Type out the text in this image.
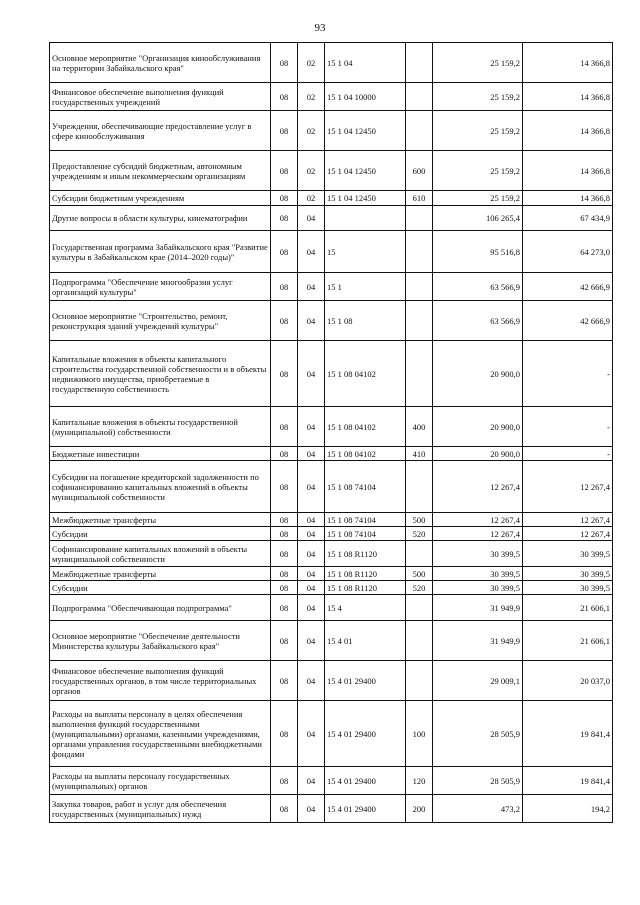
93
Основное мероприятие "Организация кинообслуживания на территории Забайкальского края"	08	02	15 1 04		25 159,2	14 366,8
Финансовое обеспечение выполнения функций государственных учреждений	08	02	15 1 04 10000		25 159,2	14 366,8
Учреждения, обеспечивающие предоставление услуг в сфере кинообслуживания	08	02	15 1 04 12450		25 159,2	14 366,8
Предоставление субсидий бюджетным, автономным учреждениям и иным некоммерческим организациям	08	02	15 1 04 12450	600	25 159,2	14 366,8
Субсидии бюджетным учреждениям	08	02	15 1 04 12450	610	25 159,2	14 366,8
Другие вопросы в области культуры, кинематографии	08	04			106 265,4	67 434,9
Государственная программа Забайкальского края "Развитие культуры в Забайкальском крае (2014–2020 годы)"	08	04	15		95 516,8	64 273,0
Подпрограмма "Обеспечение многообразия услуг организаций культуры"	08	04	15 1		63 566,9	42 666,9
Основное мероприятие "Строительство, ремонт, реконструкция зданий учреждений культуры"	08	04	15 1 08		63 566,9	42 666,9
Капитальные вложения в объекты капитального строительства государственной собственности и в объекты недвижимого имущества, приобретаемые в государственную собственность	08	04	15 1 08 04102		20 900,0	-
Капитальные вложения в объекты государственной (муниципальной) собственности	08	04	15 1 08 04102	400	20 900,0	-
Бюджетные инвестиции	08	04	15 1 08 04102	410	20 900,0	-
Субсидии на погашение кредиторской задолженности по софинансированию капитальных вложений в объекты муниципальной собственности	08	04	15 1 08 74104		12 267,4	12 267,4
Межбюджетные трансферты	08	04	15 1 08 74104	500	12 267,4	12 267,4
Субсидии	08	04	15 1 08 74104	520	12 267,4	12 267,4
Софинансирование капитальных вложений в объекты муниципальной собственности	08	04	15 1 08 R1120		30 399,5	30 399,5
Межбюджетные трансферты	08	04	15 1 08 R1120	500	30 399,5	30 399,5
Субсидии	08	04	15 1 08 R1120	520	30 399,5	30 399,5
Подпрограмма "Обеспечивающая подпрограмма"	08	04	15 4		31 949,9	21 606,1
Основное мероприятие "Обеспечение деятельности Министерства культуры Забайкальского края"	08	04	15 4 01		31 949,9	21 606,1
Финансовое обеспечение выполнения функций государственных органов, в том числе территориальных органов	08	04	15 4 01 29400		29 009,1	20 037,0
Расходы на выплаты персоналу в целях обеспечения выполнения функций государственными (муниципальными) органами, казенными учреждениями, органами управления государственными внебюджетными фондами	08	04	15 4 01 29400	100	28 505,9	19 841,4
Расходы на выплаты персоналу государственных (муниципальных) органов	08	04	15 4 01 29400	120	28 505,9	19 841,4
Закупка товаров, работ и услуг для обеспечения государственных (муниципальных) нужд	08	04	15 4 01 29400	200	473,2	194,2
